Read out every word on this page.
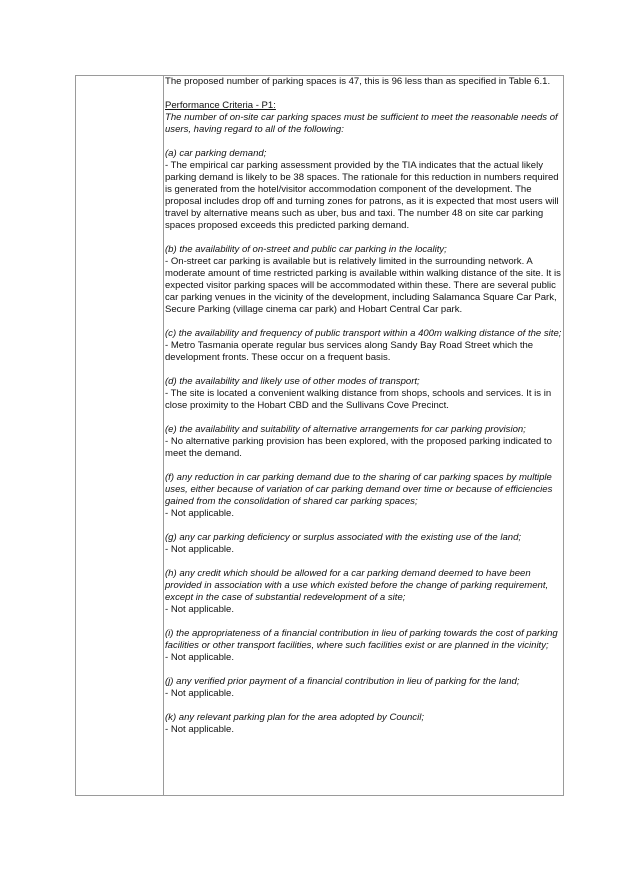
The proposed number of parking spaces is 47, this is 96 less than as specified in Table 6.1.

Performance Criteria - P1:

The number of on-site car parking spaces must be sufficient to meet the reasonable needs of users, having regard to all of the following:

(a) car parking demand;

- The empirical car parking assessment provided by the TIA indicates that the actual likely parking demand is likely to be 38 spaces. The rationale for this reduction in numbers required is generated from the hotel/visitor accommodation component of the development. The proposal includes drop off and turning zones for patrons, as it is expected that most users will travel by alternative means such as uber, bus and taxi. The number 48 on site car parking spaces proposed exceeds this predicted parking demand.

(b) the availability of on-street and public car parking in the locality;

- On-street car parking is available but is relatively limited in the surrounding network. A moderate amount of time restricted parking is available within walking distance of the site. It is expected visitor parking spaces will be accommodated within these. There are several public car parking venues in the vicinity of the development, including Salamanca Square Car Park, Secure Parking (village cinema car park) and Hobart Central Car park.

(c) the availability and frequency of public transport within a 400m walking distance of the site;

- Metro Tasmania operate regular bus services along Sandy Bay Road Street which the development fronts. These occur on a frequent basis.

(d) the availability and likely use of other modes of transport;

- The site is located a convenient walking distance from shops, schools and services. It is in close proximity to the Hobart CBD and the Sullivans Cove Precinct.

(e) the availability and suitability of alternative arrangements for car parking provision;

- No alternative parking provision has been explored, with the proposed parking indicated to meet the demand.

(f) any reduction in car parking demand due to the sharing of car parking spaces by multiple uses, either because of variation of car parking demand over time or because of efficiencies gained from the consolidation of shared car parking spaces;

- Not applicable.

(g) any car parking deficiency or surplus associated with the existing use of the land;

- Not applicable.

(h) any credit which should be allowed for a car parking demand deemed to have been provided in association with a use which existed before the change of parking requirement, except in the case of substantial redevelopment of a site;

- Not applicable.

(i) the appropriateness of a financial contribution in lieu of parking towards the cost of parking facilities or other transport facilities, where such facilities exist or are planned in the vicinity;

- Not applicable.

(j) any verified prior payment of a financial contribution in lieu of parking for the land;

- Not applicable.

(k) any relevant parking plan for the area adopted by Council;

- Not applicable.
